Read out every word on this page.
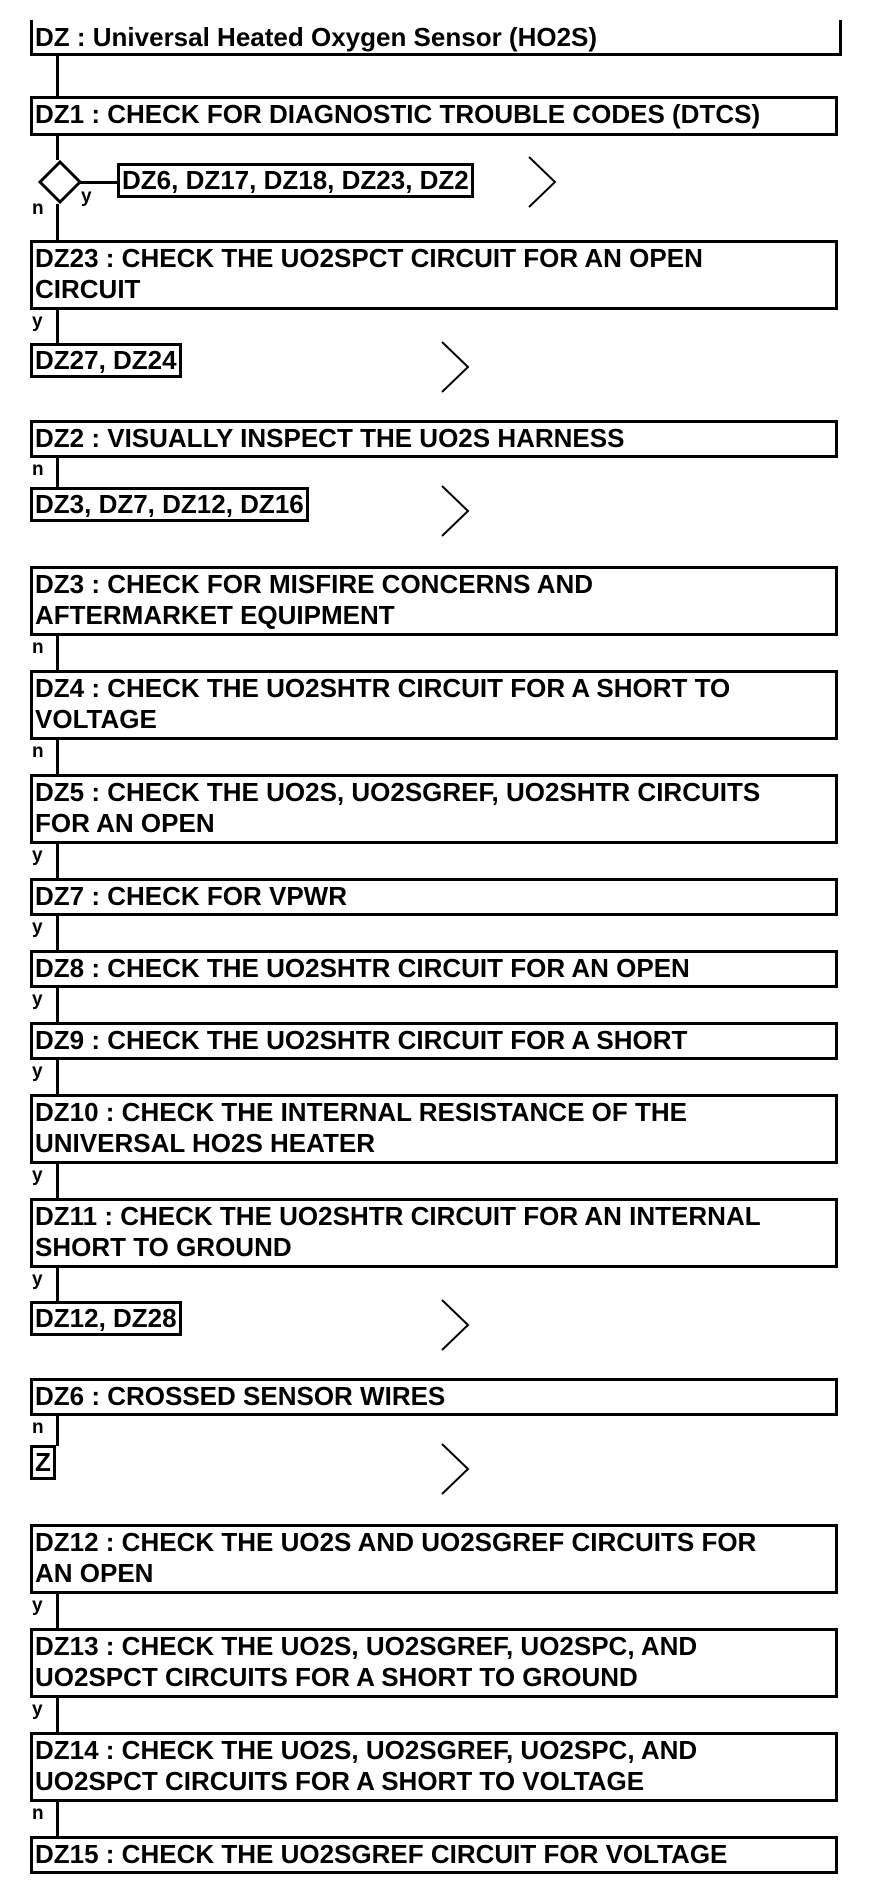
DZ : Universal Heated Oxygen Sensor (HO2S)
DZ1 : CHECK FOR DIAGNOSTIC TROUBLE CODES (DTCS)
DZ6, DZ17, DZ18, DZ23, DZ2
n
y
DZ23 : CHECK THE UO2SPCT CIRCUIT FOR AN OPEN
CIRCUIT
y
DZ27, DZ24
DZ2 : VISUALLY INSPECT THE UO2S HARNESS
n
DZ3, DZ7, DZ12, DZ16
DZ3 : CHECK FOR MISFIRE CONCERNS AND
AFTERMARKET EQUIPMENT
n
DZ4 : CHECK THE UO2SHTR CIRCUIT FOR A SHORT TO
VOLTAGE
n
DZ5 : CHECK THE UO2S, UO2SGREF, UO2SHTR CIRCUITS
FOR AN OPEN
y
DZ7 : CHECK FOR VPWR
y
DZ8 : CHECK THE UO2SHTR CIRCUIT FOR AN OPEN
y
DZ9 : CHECK THE UO2SHTR CIRCUIT FOR A SHORT
y
DZ10 : CHECK THE INTERNAL RESISTANCE OF THE
UNIVERSAL HO2S HEATER
y
DZ11 : CHECK THE UO2SHTR CIRCUIT FOR AN INTERNAL
SHORT TO GROUND
y
DZ12, DZ28
DZ6 : CROSSED SENSOR WIRES
n
Z
DZ12 : CHECK THE UO2S AND UO2SGREF CIRCUITS FOR
AN OPEN
y
DZ13 : CHECK THE UO2S, UO2SGREF, UO2SPC, AND
UO2SPCT CIRCUITS FOR A SHORT TO GROUND
y
DZ14 : CHECK THE UO2S, UO2SGREF, UO2SPC, AND
UO2SPCT CIRCUITS FOR A SHORT TO VOLTAGE
n
DZ15 : CHECK THE UO2SGREF CIRCUIT FOR VOLTAGE
